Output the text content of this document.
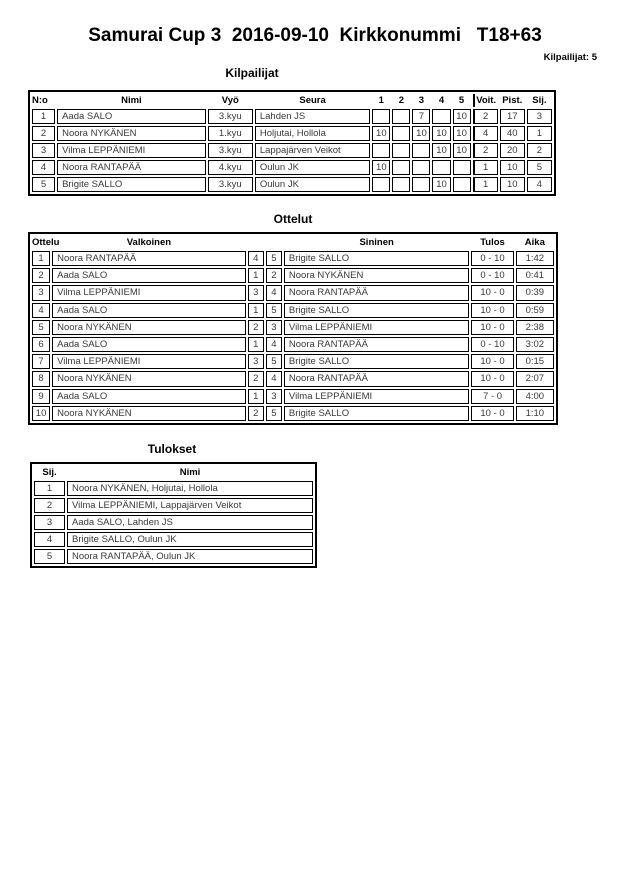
Samurai Cup 3  2016-09-10  Kirkkonummi   T18+63
Kilpailijat: 5
Kilpailijat
N:o	Nimi	Vyö	Seura	1	2	3	4	5	Voit.	Pist.	Sij.
1	Aada SALO	3.kyu	Lahden JS			7		10	2	17	3
2	Noora NYKÄNEN	1.kyu	Holjutai, Hollola	10		10	10	10	4	40	1
3	Vilma LEPPÄNIEMI	3.kyu	Lappajärven Veikot				10	10	2	20	2
4	Noora RANTAPÄÄ	4.kyu	Oulun JK	10					1	10	5
5	Brigite SALLO	3.kyu	Oulun JK				10		1	10	4
Ottelut
Ottelu	Valkoinen			Sininen	Tulos	Aika
1	Noora RANTAPÄÄ	4	5	Brigite SALLO	0 - 10	1:42
2	Aada SALO	1	2	Noora NYKÄNEN	0 - 10	0:41
3	Vilma LEPPÄNIEMI	3	4	Noora RANTAPÄÄ	10 - 0	0:39
4	Aada SALO	1	5	Brigite SALLO	10 - 0	0:59
5	Noora NYKÄNEN	2	3	Vilma LEPPÄNIEMI	10 - 0	2:38
6	Aada SALO	1	4	Noora RANTAPÄÄ	0 - 10	3:02
7	Vilma LEPPÄNIEMI	3	5	Brigite SALLO	10 - 0	0:15
8	Noora NYKÄNEN	2	4	Noora RANTAPÄÄ	10 - 0	2:07
9	Aada SALO	1	3	Vilma LEPPÄNIEMI	7 - 0	4:00
10	Noora NYKÄNEN	2	5	Brigite SALLO	10 - 0	1:10
Tulokset
Sij.	Nimi
1	Noora NYKÄNEN, Holjutai, Hollola
2	Vilma LEPPÄNIEMI, Lappajärven Veikot
3	Aada SALO, Lahden JS
4	Brigite SALLO, Oulun JK
5	Noora RANTAPÄÄ, Oulun JK
